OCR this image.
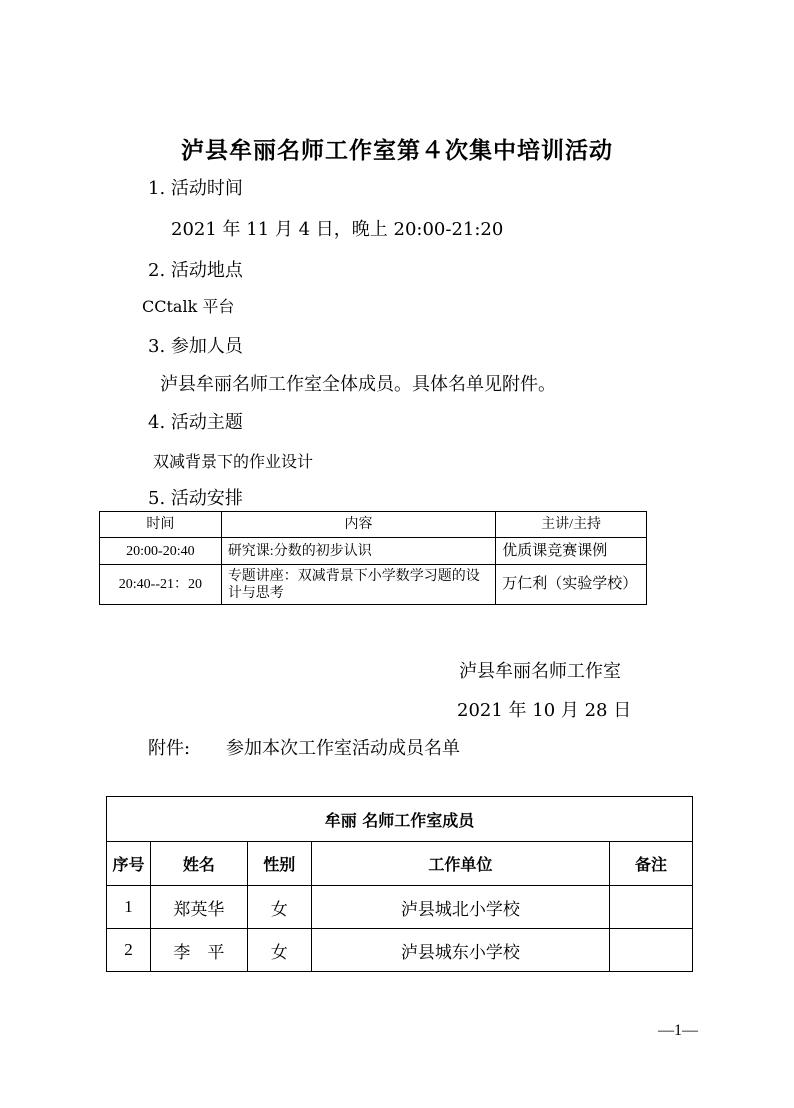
泸县牟丽名师工作室第４次集中培训活动
1. 活动时间
2021 年 11 月 4 日，晚上 20:00-21:20
2. 活动地点
CCtalk 平台
3. 参加人员
泸县牟丽名师工作室全体成员。具体名单见附件。
4. 活动主题
双减背景下的作业设计
5. 活动安排
时间	内容	主讲/主持
20:00-20:40	研究课:分数的初步认识	优质课竞赛课例
20:40--21：20	专题讲座：双减背景下小学数学习题的设计与思考	万仁利（实验学校）
泸县牟丽名师工作室
2021 年 10 月 28 日
附件: 参加本次工作室活动成员名单
牟丽 名师工作室成员				
序号	姓名	性别	工作单位	备注
1	郑英华	女	泸县城北小学校	
2	李　平	女	泸县城东小学校	
—1—
